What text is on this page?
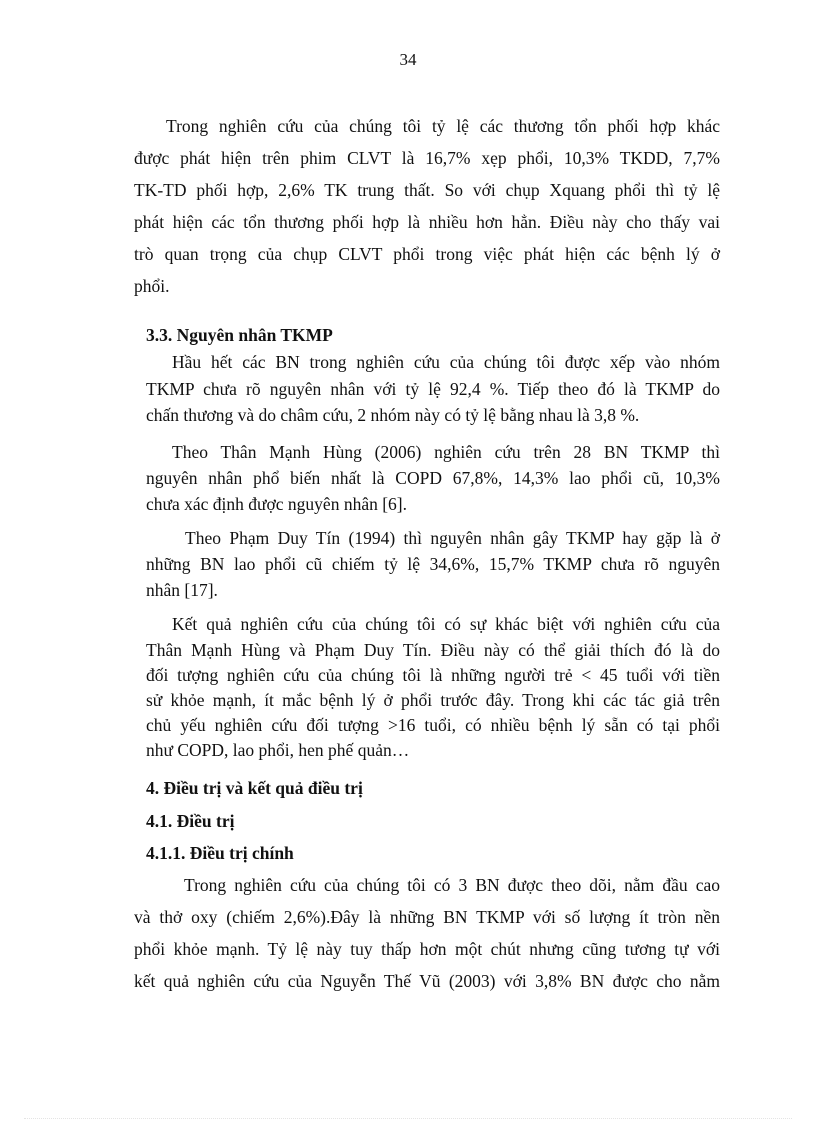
34
Trong nghiên cứu của chúng tôi tỷ lệ các thương tổn phối hợp khác
được phát hiện trên phim CLVT là 16,7% xẹp phổi, 10,3% TKDD, 7,7%
TK-TD phối hợp, 2,6% TK trung thất. So với chụp Xquang phổi thì tỷ lệ
phát hiện các tổn thương phối hợp là nhiều hơn hẳn. Điều này cho thấy vai
trò quan trọng của chụp CLVT phổi trong việc phát hiện các bệnh lý ở
phổi.
3.3. Nguyên nhân TKMP
Hầu hết các BN trong nghiên cứu của chúng tôi được xếp vào nhóm
TKMP chưa rõ nguyên nhân với tỷ lệ 92,4 %. Tiếp theo đó là TKMP do
chấn thương và do châm cứu, 2 nhóm này có tỷ lệ bằng nhau là 3,8 %.
Theo Thân Mạnh Hùng (2006) nghiên cứu trên 28 BN TKMP thì
nguyên nhân phổ biến nhất là COPD 67,8%, 14,3% lao phổi cũ, 10,3%
chưa xác định được nguyên nhân [6].
Theo Phạm Duy Tín (1994) thì nguyên nhân gây TKMP hay gặp là ở
những BN lao phổi cũ chiếm tỷ lệ 34,6%, 15,7% TKMP chưa rõ nguyên
nhân [17].
Kết quả nghiên cứu của chúng tôi có sự khác biệt với nghiên cứu của
Thân Mạnh Hùng và Phạm Duy Tín. Điều này có thể giải thích đó là do
đối tượng nghiên cứu của chúng tôi là những người trẻ < 45 tuổi với tiền
sử khỏe mạnh, ít mắc bệnh lý ở phổi trước đây. Trong khi các tác giả trên
chủ yếu nghiên cứu đối tượng >16 tuổi, có nhiều bệnh lý sẵn có tại phổi
như COPD, lao phổi, hen phế quản…
4. Điều trị và kết quả điều trị
4.1. Điều trị
4.1.1. Điều trị chính
Trong nghiên cứu của chúng tôi có 3 BN được theo dõi, nằm đầu cao
và thở oxy (chiếm 2,6%).Đây là những BN TKMP với số lượng ít tròn nền
phổi khỏe mạnh. Tỷ lệ này tuy thấp hơn một chút nhưng cũng tương tự với
kết quả nghiên cứu của Nguyễn Thế Vũ (2003) với 3,8% BN được cho nằm
